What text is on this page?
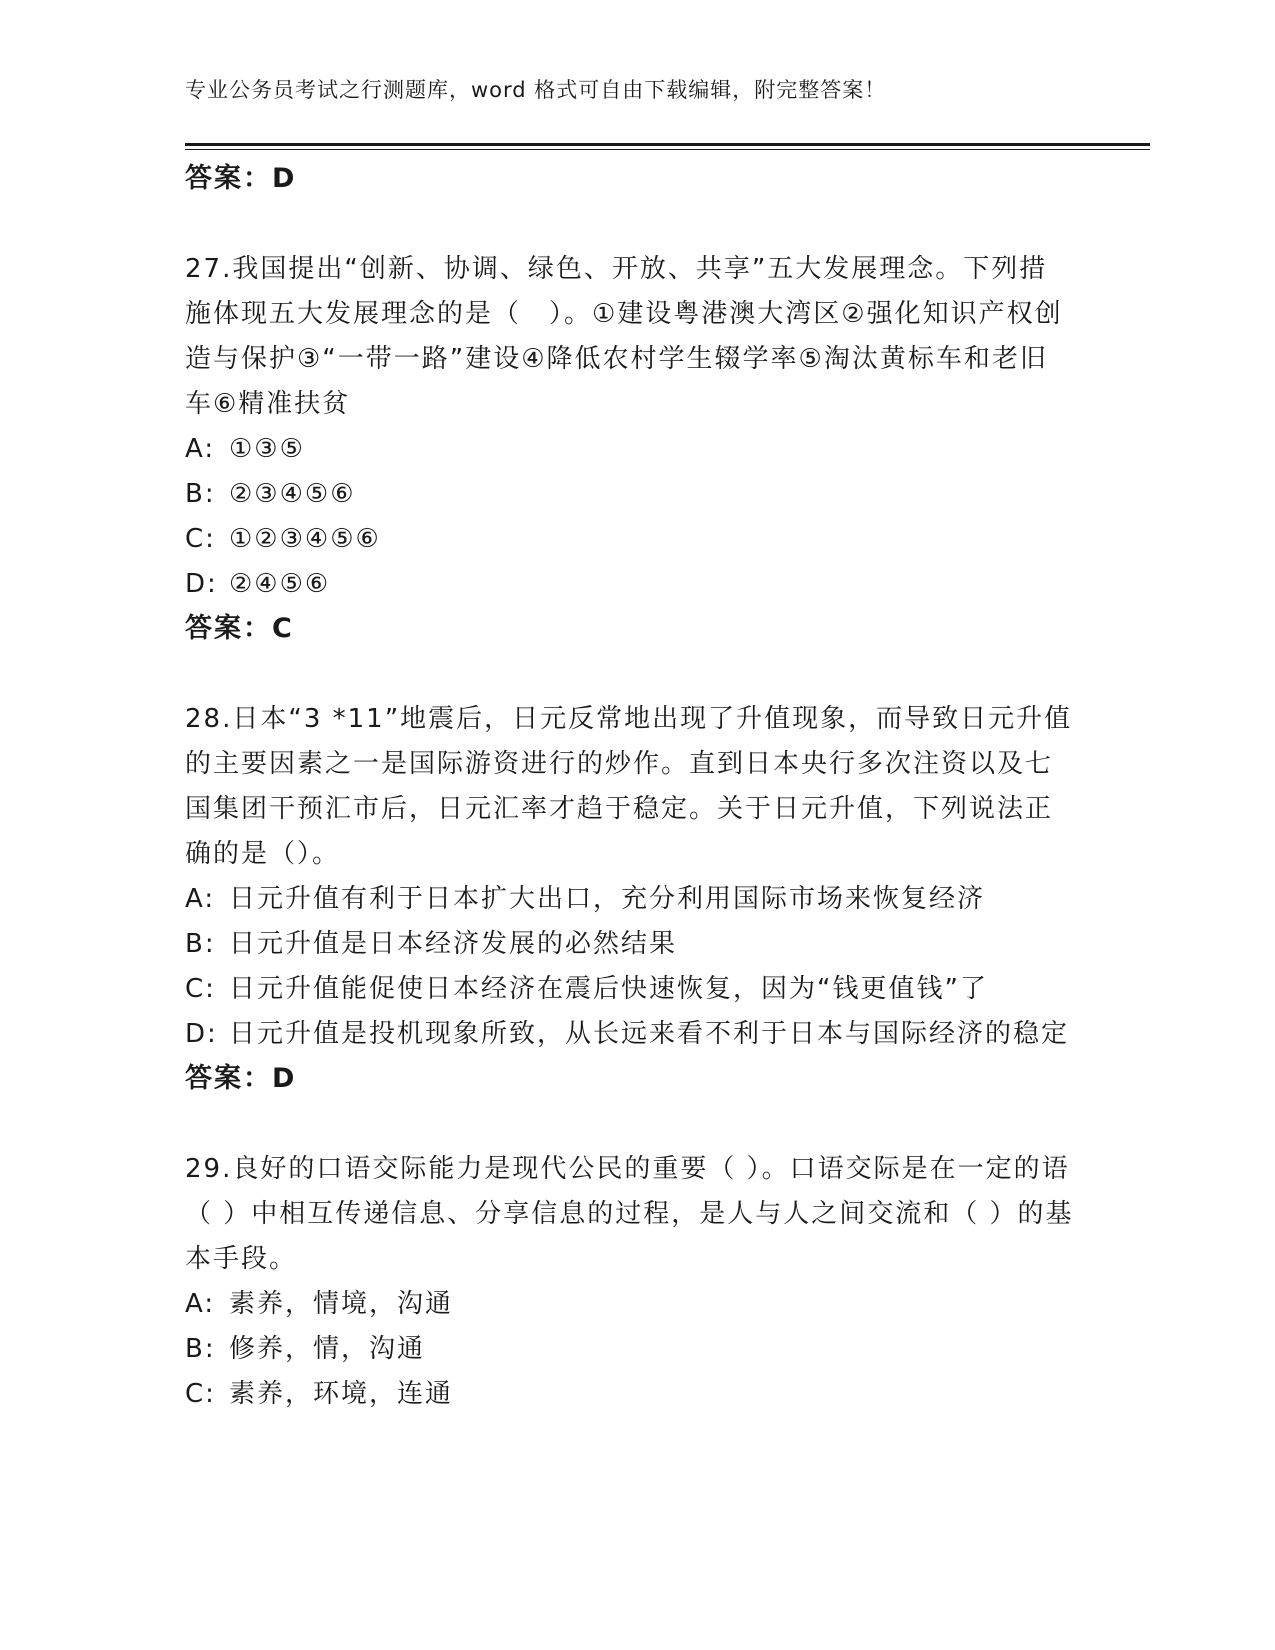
专业公务员考试之行测题库，word 格式可自由下载编辑，附完整答案！
答案：D
27.我国提出“创新、协调、绿色、开放、共享”五大发展理念。下列措施体现五大发展理念的是（　）。①建设粤港澳大湾区②强化知识产权创造与保护③“一带一路”建设④降低农村学生辍学率⑤淘汰黄标车和老旧车⑥精准扶贫
A: ①③⑤
B: ②③④⑤⑥
C: ①②③④⑤⑥
D: ②④⑤⑥
答案：C
28.日本“3 *11”地震后，日元反常地出现了升值现象，而导致日元升值的主要因素之一是国际游资进行的炒作。直到日本央行多次注资以及七国集团干预汇市后，日元汇率才趋于稳定。关于日元升值，下列说法正确的是（）。
A: 日元升值有利于日本扩大出口，充分利用国际市场来恢复经济
B: 日元升值是日本经济发展的必然结果
C: 日元升值能促使日本经济在震后快速恢复，因为“钱更值钱”了
D: 日元升值是投机现象所致，从长远来看不利于日本与国际经济的稳定
答案：D
29.良好的口语交际能力是现代公民的重要（ ）。口语交际是在一定的语（ ）中相互传递信息、分享信息的过程，是人与人之间交流和（ ）的基本手段。
A: 素养，情境，沟通
B: 修养，情，沟通
C: 素养，环境，连通
